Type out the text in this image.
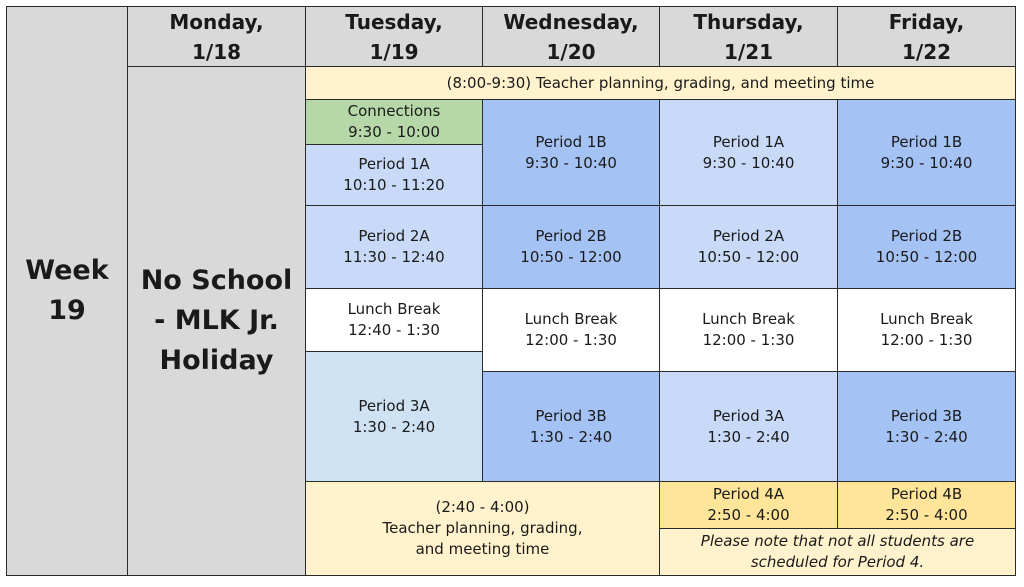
Week
19
Monday,
1/18
Tuesday,
1/19
Wednesday,
1/20
Thursday,
1/21
Friday,
1/22
No School
- MLK Jr.
Holiday
(8:00-9:30) Teacher planning, grading, and meeting time
Connections
9:30 - 10:00
Period 1A
10:10 - 11:20
Period 2A
11:30 - 12:40
Lunch Break
12:40 - 1:30
Period 3A
1:30 - 2:40
Period 1B
9:30 - 10:40
Period 2B
10:50 - 12:00
Lunch Break
12:00 - 1:30
Period 3B
1:30 - 2:40
Period 1A
9:30 - 10:40
Period 2A
10:50 - 12:00
Lunch Break
12:00 - 1:30
Period 3A
1:30 - 2:40
Period 4A
2:50 - 4:00
Period 1B
9:30 - 10:40
Period 2B
10:50 - 12:00
Lunch Break
12:00 - 1:30
Period 3B
1:30 - 2:40
Period 4B
2:50 - 4:00
(2:40 - 4:00)
Teacher planning, grading,
and meeting time	Please note that not all students are
scheduled for Period 4.
